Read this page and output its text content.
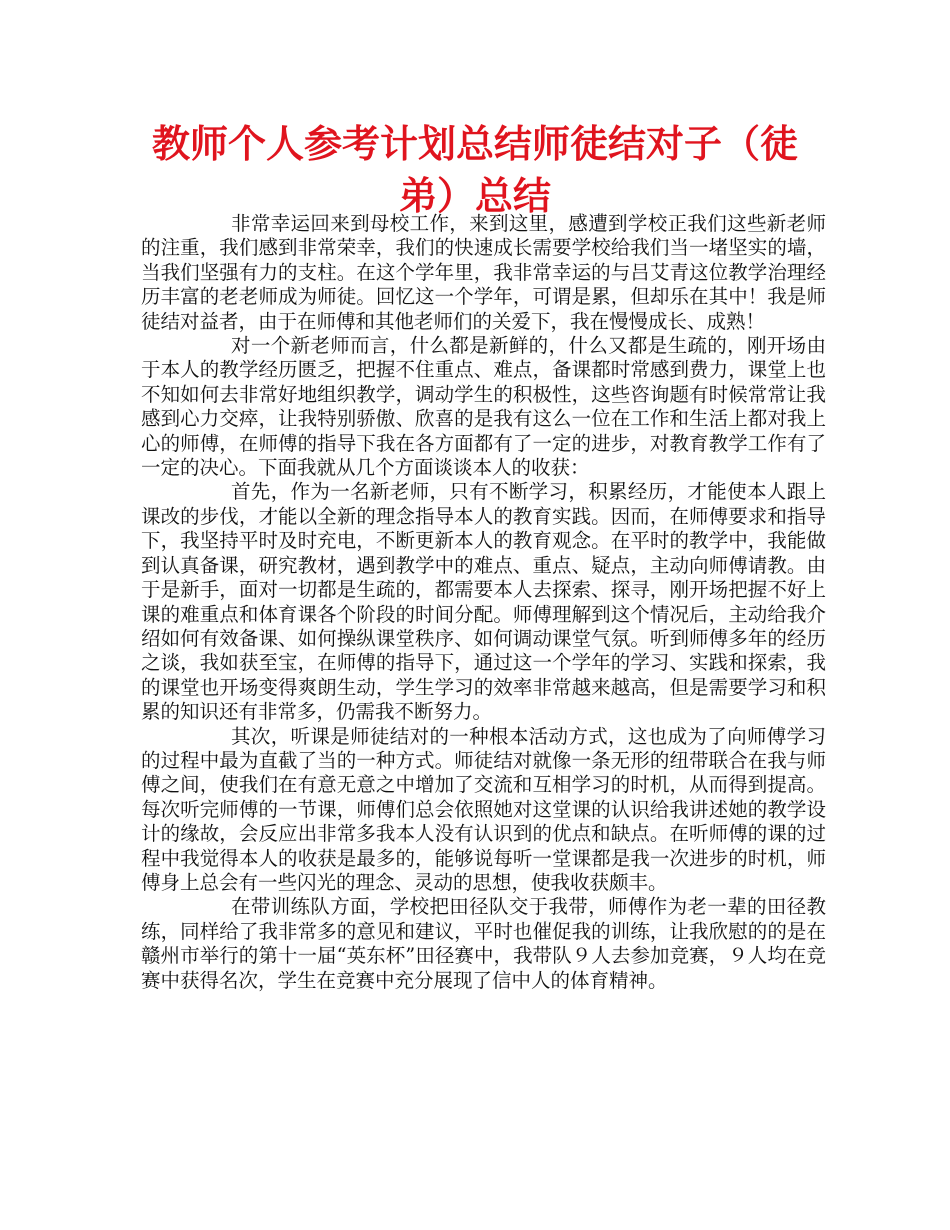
教师个人参考计划总结师徒结对子（徒弟）总结

非常幸运回来到母校工作，来到这里，感遭到学校正我们这些新老师的注重，我们感到非常荣幸，我们的快速成长需要学校给我们当一堵坚实的墙，当我们坚强有力的支柱。在这个学年里，我非常幸运的与吕艾青这位教学治理经历丰富的老老师成为师徒。回忆这一个学年，可谓是累，但却乐在其中！我是师徒结对益者，由于在师傅和其他老师们的关爱下，我在慢慢成长、成熟！

对一个新老师而言，什么都是新鲜的，什么又都是生疏的，刚开场由于本人的教学经历匮乏，把握不住重点、难点，备课都时常感到费力，课堂上也不知如何去非常好地组织教学，调动学生的积极性，这些咨询题有时候常常让我感到心力交瘁，让我特别骄傲、欣喜的是我有这么一位在工作和生活上都对我上心的师傅，在师傅的指导下我在各方面都有了一定的进步，对教育教学工作有了一定的决心。下面我就从几个方面谈谈本人的收获：

首先，作为一名新老师，只有不断学习，积累经历，才能使本人跟上课改的步伐，才能以全新的理念指导本人的教育实践。因而，在师傅要求和指导下，我坚持平时及时充电，不断更新本人的教育观念。在平时的教学中，我能做到认真备课，研究教材，遇到教学中的难点、重点、疑点，主动向师傅请教。由于是新手，面对一切都是生疏的，都需要本人去探索、探寻，刚开场把握不好上课的难重点和体育课各个阶段的时间分配。师傅理解到这个情况后，主动给我介绍如何有效备课、如何操纵课堂秩序、如何调动课堂气氛。听到师傅多年的经历之谈，我如获至宝，在师傅的指导下，通过这一个学年的学习、实践和探索，我的课堂也开场变得爽朗生动，学生学习的效率非常越来越高，但是需要学习和积累的知识还有非常多，仍需我不断努力。

其次，听课是师徒结对的一种根本活动方式，这也成为了向师傅学习的过程中最为直截了当的一种方式。师徒结对就像一条无形的纽带联合在我与师傅之间，使我们在有意无意之中增加了交流和互相学习的时机，从而得到提高。每次听完师傅的一节课，师傅们总会依照她对这堂课的认识给我讲述她的教学设计的缘故，会反应出非常多我本人没有认识到的优点和缺点。在听师傅的课的过程中我觉得本人的收获是最多的，能够说每听一堂课都是我一次进步的时机，师傅身上总会有一些闪光的理念、灵动的思想，使我收获颇丰。

在带训练队方面，学校把田径队交于我带，师傅作为老一辈的田径教练，同样给了我非常多的意见和建议，平时也催促我的训练，让我欣慰的的是在赣州市举行的第十一届“英东杯”田径赛中，我带队９人去参加竞赛，９人均在竞赛中获得名次，学生在竞赛中充分展现了信中人的体育精神。
